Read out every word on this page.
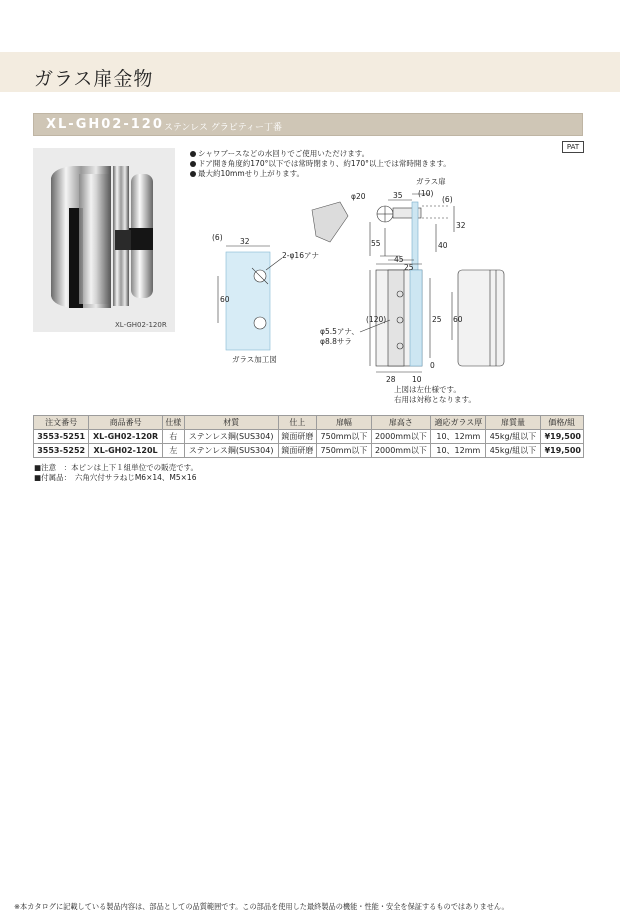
ガラス扉金物
XL-GH02-120 ステンレス グラビティー丁番
PAT
XL-GH02-120R
シャワブースなどの水回りでご使用いただけます。
ドア開き角度約170°以下では常時閉まり、約170°以上では常時開きます。
最大約10mmせり上がります。
ガラス扉
φ20	35 (10)
(6)
32
40
55
45
25
(120)	25 60
28 10
0
(6) 32
60
2-φ16アナ
φ5.5アナ、
φ8.8サラ
ガラス加工図
上図は左仕様です。
右用は対称となります。
注文番号	商品番号	仕様	材質	仕上	扉幅	扉高さ	適応ガラス厚	扉質量	価格/組
3553-5251	XL-GH02-120R	右	ステンレス鋼(SUS304)	鏡面研磨	750mm以下	2000mm以下	10、12mm	45kg/組以下	¥19,500
3553-5252	XL-GH02-120L	左	ステンレス鋼(SUS304)	鏡面研磨	750mm以下	2000mm以下	10、12mm	45kg/組以下	¥19,500
■注意　：本ピンは上下１組単位での販売です。
■付属品：　六角穴付サラねじM6×14、M5×16
※本カタログに記載している製品内容は、部品としての品質範囲です。この部品を使用した最終製品の機能・性能・安全を保証するものではありません。
